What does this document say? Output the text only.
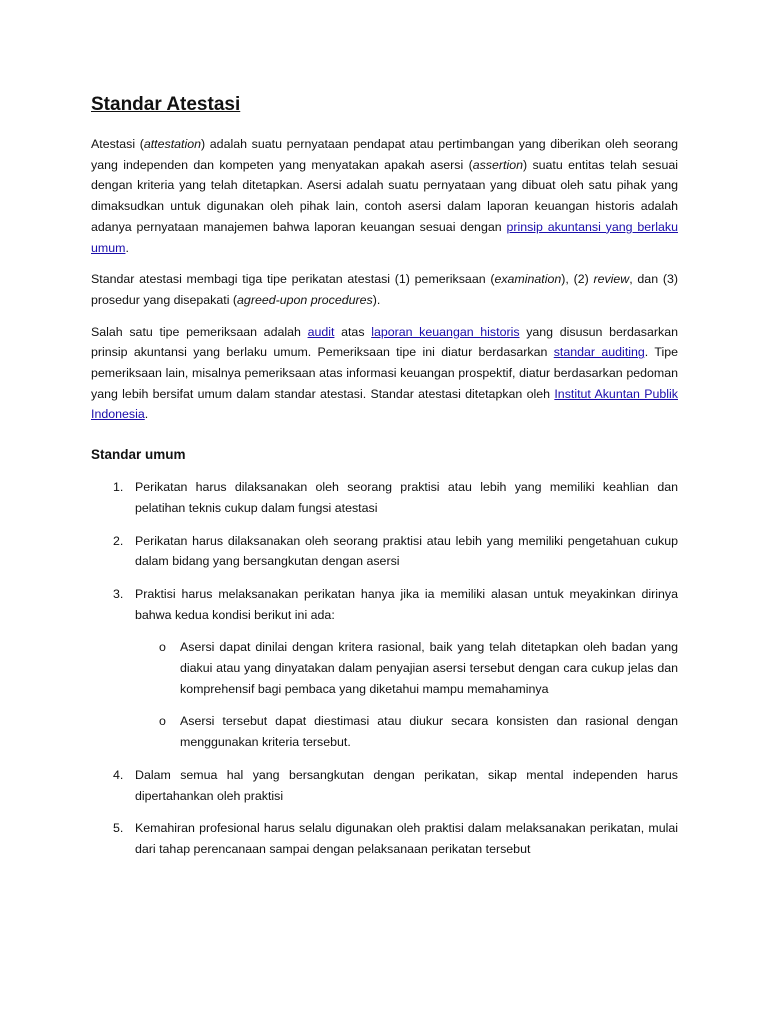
Standar Atestasi

Atestasi (attestation) adalah suatu pernyataan pendapat atau pertimbangan yang diberikan oleh seorang yang independen dan kompeten yang menyatakan apakah asersi (assertion) suatu entitas telah sesuai dengan kriteria yang telah ditetapkan. Asersi adalah suatu pernyataan yang dibuat oleh satu pihak yang dimaksudkan untuk digunakan oleh pihak lain, contoh asersi dalam laporan keuangan historis adalah adanya pernyataan manajemen bahwa laporan keuangan sesuai dengan prinsip akuntansi yang berlaku umum.

Standar atestasi membagi tiga tipe perikatan atestasi (1) pemeriksaan (examination), (2) review, dan (3) prosedur yang disepakati (agreed-upon procedures).

Salah satu tipe pemeriksaan adalah audit atas laporan keuangan historis yang disusun berdasarkan prinsip akuntansi yang berlaku umum. Pemeriksaan tipe ini diatur berdasarkan standar auditing. Tipe pemeriksaan lain, misalnya pemeriksaan atas informasi keuangan prospektif, diatur berdasarkan pedoman yang lebih bersifat umum dalam standar atestasi. Standar atestasi ditetapkan oleh Institut Akuntan Publik Indonesia.

Standar umum
1. Perikatan harus dilaksanakan oleh seorang praktisi atau lebih yang memiliki keahlian dan pelatihan teknis cukup dalam fungsi atestasi
2. Perikatan harus dilaksanakan oleh seorang praktisi atau lebih yang memiliki pengetahuan cukup dalam bidang yang bersangkutan dengan asersi
3. Praktisi harus melaksanakan perikatan hanya jika ia memiliki alasan untuk meyakinkan dirinya bahwa kedua kondisi berikut ini ada:
o Asersi dapat dinilai dengan kritera rasional, baik yang telah ditetapkan oleh badan yang diakui atau yang dinyatakan dalam penyajian asersi tersebut dengan cara cukup jelas dan komprehensif bagi pembaca yang diketahui mampu memahaminya
o Asersi tersebut dapat diestimasi atau diukur secara konsisten dan rasional dengan menggunakan kriteria tersebut.
4. Dalam semua hal yang bersangkutan dengan perikatan, sikap mental independen harus dipertahankan oleh praktisi
5. Kemahiran profesional harus selalu digunakan oleh praktisi dalam melaksanakan perikatan, mulai dari tahap perencanaan sampai dengan pelaksanaan perikatan tersebut
